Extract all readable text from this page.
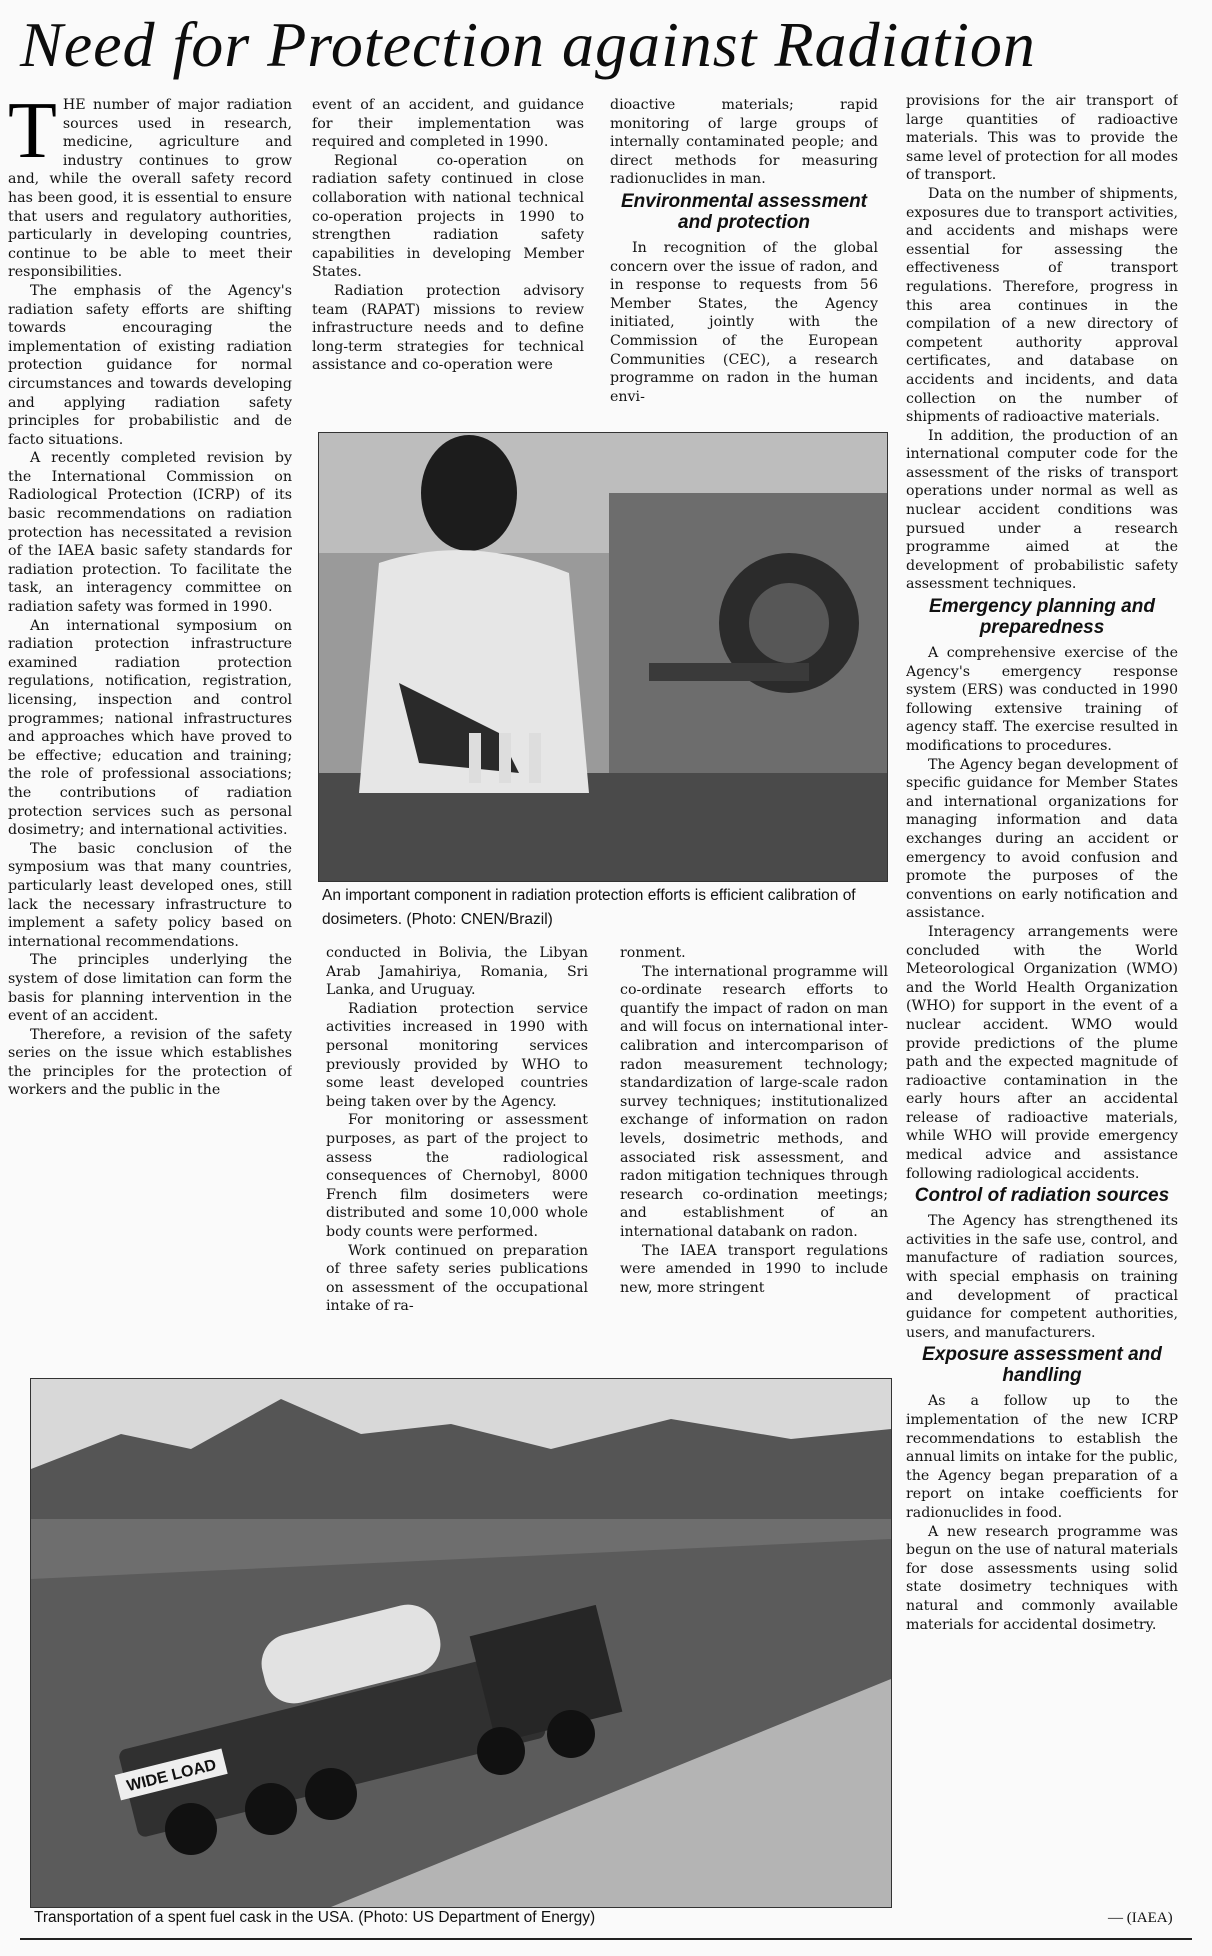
Need for Protection against Radiation

THE number of major radiation sources used in research, medicine, agriculture and industry continues to grow and, while the overall safety record has been good, it is essential to ensure that users and regulatory authorities, particularly in developing countries, continue to be able to meet their responsibilities.

The emphasis of the Agency's radiation safety efforts are shifting towards encouraging the implementation of existing radiation protection guidance for normal circumstances and towards developing and applying radiation safety principles for probabilistic and de facto situations.

A recently completed revision by the International Commission on Radiological Protection (ICRP) of its basic recommendations on radiation protection has necessitated a revision of the IAEA basic safety standards for radiation protection. To facilitate the task, an interagency committee on radiation safety was formed in 1990.

An international symposium on radiation protection infrastructure examined radiation protection regulations, notification, registration, licensing, inspection and control programmes; national infrastructures and approaches which have proved to be effective; education and training; the role of professional associations; the contributions of radiation protection services such as personal dosimetry; and international activities.

The basic conclusion of the symposium was that many countries, particularly least developed ones, still lack the necessary infrastructure to implement a safety policy based on international recommendations.

The principles underlying the system of dose limitation can form the basis for planning intervention in the event of an accident.

Therefore, a revision of the safety series on the issue which establishes the principles for the protection of workers and the public in the

event of an accident, and guidance for their implementation was required and completed in 1990.

Regional co-operation on radiation safety continued in close collaboration with national technical co-operation projects in 1990 to strengthen radiation safety capabilities in developing Member States.

Radiation protection advisory team (RAPAT) missions to review infrastructure needs and to define long-term strategies for technical assistance and co-operation were

dioactive materials; rapid monitoring of large groups of internally contaminated people; and direct methods for measuring radionuclides in man.

Environmental assessment and protection

In recognition of the global concern over the issue of radon, and in response to requests from 56 Member States, the Agency initiated, jointly with the Commission of the European Communities (CEC), a research programme on radon in the human envi-

An important component in radiation protection efforts is efficient calibration of dosimeters. (Photo: CNEN/Brazil)

conducted in Bolivia, the Libyan Arab Jamahiriya, Romania, Sri Lanka, and Uruguay.

Radiation protection service activities increased in 1990 with personal monitoring services previously provided by WHO to some least developed countries being taken over by the Agency.

For monitoring or assessment purposes, as part of the project to assess the radiological consequences of Chernobyl, 8000 French film dosimeters were distributed and some 10,000 whole body counts were performed.

Work continued on preparation of three safety series publications on assessment of the occupational intake of ra-

ronment.

The international programme will co-ordinate research efforts to quantify the impact of radon on man and will focus on international inter-calibration and intercomparison of radon measurement technology; standardization of large-scale radon survey techniques; institutionalized exchange of information on radon levels, dosimetric methods, and associated risk assessment, and radon mitigation techniques through research co-ordination meetings; and establishment of an international databank on radon.

The IAEA transport regulations were amended in 1990 to include new, more stringent

provisions for the air transport of large quantities of radioactive materials. This was to provide the same level of protection for all modes of transport.

Data on the number of shipments, exposures due to transport activities, and accidents and mishaps were essential for assessing the effectiveness of transport regulations. Therefore, progress in this area continues in the compilation of a new directory of competent authority approval certificates, and database on accidents and incidents, and data collection on the number of shipments of radioactive materials.

In addition, the production of an international computer code for the assessment of the risks of transport operations under normal as well as nuclear accident conditions was pursued under a research programme aimed at the development of probabilistic safety assessment techniques.

Emergency planning and preparedness

A comprehensive exercise of the Agency's emergency response system (ERS) was conducted in 1990 following extensive training of agency staff. The exercise resulted in modifications to procedures.

The Agency began development of specific guidance for Member States and international organizations for managing information and data exchanges during an accident or emergency to avoid confusion and promote the purposes of the conventions on early notification and assistance.

Interagency arrangements were concluded with the World Meteorological Organization (WMO) and the World Health Organization (WHO) for support in the event of a nuclear accident. WMO would provide predictions of the plume path and the expected magnitude of radioactive contamination in the early hours after an accidental release of radioactive materials, while WHO will provide emergency medical advice and assistance following radiological accidents.

Control of radiation sources

The Agency has strengthened its activities in the safe use, control, and manufacture of radiation sources, with special emphasis on training and development of practical guidance for competent authorities, users, and manufacturers.

Exposure assessment and handling

As a follow up to the implementation of the new ICRP recommendations to establish the annual limits on intake for the public, the Agency began preparation of a report on intake coefficients for radionuclides in food.

A new research programme was begun on the use of natural materials for dose assessments using solid state dosimetry techniques with natural and commonly available materials for accidental dosimetry.

WIDE LOAD
Transportation of a spent fuel cask in the USA. (Photo: US Department of Energy)	— (IAEA)
